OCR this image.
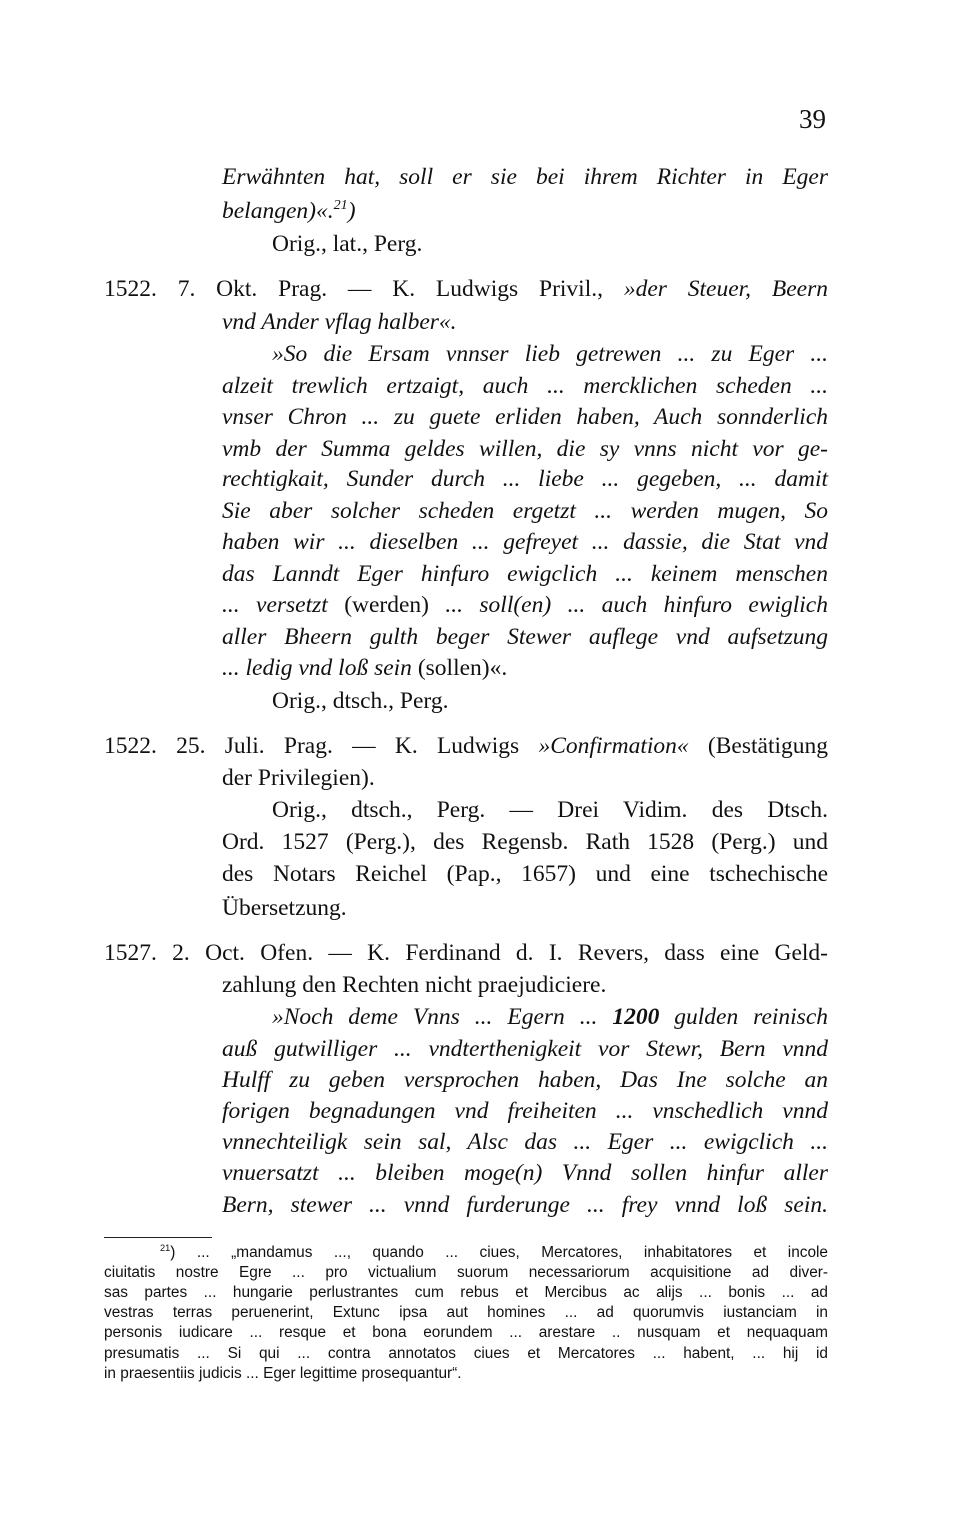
39
Erwähnten hat, soll er sie bei ihrem Richter in Eger
belangen)«.$^{21}$)
Orig., lat., Perg.
1522. 7. Okt. Prag. — K. Ludwigs Privil., »der Steuer, Beern
vnd Ander vflag halber«.
»So die Ersam vnnser lieb getrewen ... zu Eger ...
alzeit trewlich ertzaigt, auch ... mercklichen scheden ...
vnser Chron ... zu guete erliden haben, Auch sonnderlich
vmb der Summa geldes willen, die sy vnns nicht vor ge-
rechtigkait, Sunder durch ... liebe ... gegeben, ... damit
Sie aber solcher scheden ergetzt ... werden mugen, So
haben wir ... dieselben ... gefreyet ... dassie, die Stat vnd
das Lanndt Eger hinfuro ewigclich ... keinem menschen
... versetzt (werden) ... soll(en) ... auch hinfuro ewiglich
aller Bheern gulth beger Stewer auflege vnd aufsetzung
... ledig vnd loß sein (sollen)«.
Orig., dtsch., Perg.
1522. 25. Juli. Prag. — K. Ludwigs »Confirmation« (Bestätigung
der Privilegien).
Orig., dtsch., Perg. — Drei Vidim. des Dtsch.
Ord. 1527 (Perg.), des Regensb. Rath 1528 (Perg.) und
des Notars Reichel (Pap., 1657) und eine tschechische
Übersetzung.
1527. 2. Oct. Ofen. — K. Ferdinand d. I. Revers, dass eine Geld-
zahlung den Rechten nicht praejudiciere.
»Noch deme Vnns ... Egern ... 1200 gulden reinisch
auß gutwilliger ... vndterthenigkeit vor Stewr, Bern vnnd
Hulff zu geben versprochen haben, Das Ine solche an
forigen begnadungen vnd freiheiten ... vnschedlich vnnd
vnnechteiligk sein sal, Alsc das ... Eger ... ewigclich ...
vnuersatzt ... bleiben moge(n) Vnnd sollen hinfur aller
Bern, stewer ... vnnd furderunge ... frey vnnd loß sein.
$^{21}$) ... „mandamus ..., quando ... ciues, Mercatores, inhabitatores et incole
ciuitatis nostre Egre ... pro victualium suorum necessariorum acquisitione ad diver-
sas partes ... hungarie perlustrantes cum rebus et Mercibus ac alijs ... bonis ... ad
vestras terras peruenerint, Extunc ipsa aut homines ... ad quorumvis iustanciam in
personis iudicare ... resque et bona eorundem ... arestare .. nusquam et nequaquam
presumatis ... Si qui ... contra annotatos ciues et Mercatores ... habent, ... hij id
in praesentiis judicis ... Eger legittime prosequantur“.
